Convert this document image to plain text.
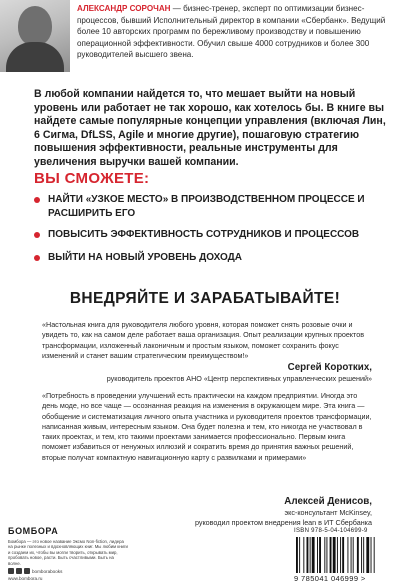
АЛЕКСАНДР СОРОЧАН — бизнес-тренер, эксперт по оптимизации бизнес-процессов, бывший Исполнительный директор в компании «Сбербанк». Ведущий более 10 авторских программ по бережливому производству и повышению операционной эффективности. Обучил свыше 4000 сотрудников и более 300 руководителей высшего звена.
В любой компании найдется то, что мешает выйти на новый уровень или работает не так хорошо, как хотелось бы. В книге вы найдете самые популярные концепции управления (включая Лин, 6 Сигма, DfLSS, Agile и многие другие), пошаговую стратегию повышения эффективности, реальные инструменты для увеличения выручки вашей компании.
ВЫ СМОЖЕТЕ:
НАЙТИ «УЗКОЕ МЕСТО» В ПРОИЗВОДСТВЕННОМ ПРОЦЕССЕ И РАСШИРИТЬ ЕГО
ПОВЫСИТЬ ЭФФЕКТИВНОСТЬ СОТРУДНИКОВ И ПРОЦЕССОВ
ВЫЙТИ НА НОВЫЙ УРОВЕНЬ ДОХОДА
ВНЕДРЯЙТЕ И ЗАРАБАТЫВАЙТЕ!
«Настольная книга для руководителя любого уровня, которая поможет снять розовые очки и увидеть то, как на самом деле работает ваша организация. Опыт реализации крупных проектов трансформации, изложенный лаконичным и простым языком, поможет сохранить фокус изменений и станет вашим стратегическим преимуществом!»
Сергей Коротких,
руководитель проектов АНО «Центр перспективных управленческих решений»
«Потребность в проведении улучшений есть практически на каждом предприятии. Иногда это день моде, но все чаще — осознанная реакция на изменения в окружающем мире. Эта книга — обобщение и систематизация личного опыта участника и руководителя проектов трансформации, написанная живым, интересным языком. Она будет полезна и тем, кто никогда не участвовал в таких проектах, и тем, кто такими проектами занимается профессионально. Первым книга поможет избавиться от ненужных иллюзий и сократить время до принятия важных решений, вторые получат компактную навигационную карту с развилками и примерами»
Алексей Денисов,
экс-консультант McKinsey,
руководил проектом внедрения lean в ИТ Сбербанка
БОМБОРА
Бомбора — это новое название Эксмо Non-fiction, лидера на рынке полезных и вдохновляющих книг. Мы любим книги и создаем их, чтобы вы могли творить, открывать мир, пробовать новое, расти. Быть счастливыми. Быть на волне.
bomborabooks
www.bombora.ru
ISBN 978-5-04-104699-9
9 785041 046999 >
